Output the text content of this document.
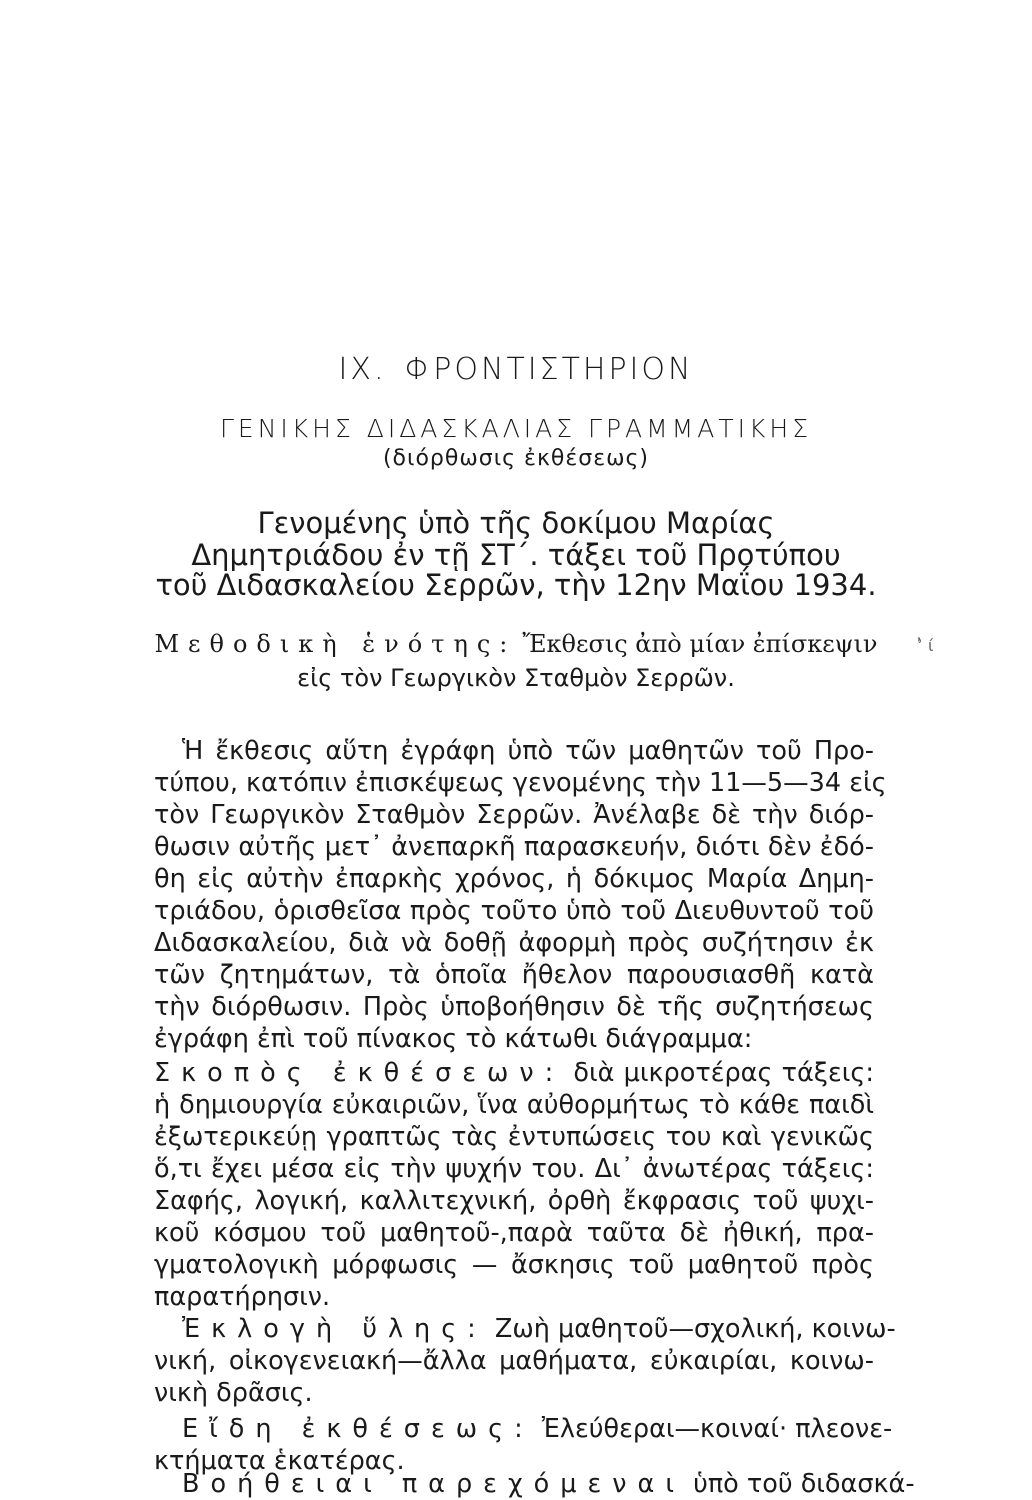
IX. ΦΡΟΝΤΙΣΤΗΡΙΟΝ
ΓΕΝΙΚΗΣ ΔΙΔΑΣΚΑΛΙΑΣ ΓΡΑΜΜΑΤΙΚΗΣ
(διόρθωσις ἐκθέσεως)
Γενομένης ὑπὸ τῆς δοκίμου Μαρίας
Δημητριάδου ἐν τῇ ΣΤ΄. τάξει τοῦ Προτύπου
τοῦ Διδασκαλείου Σερρῶν, τὴν 12ην Μαΐου 1934.
Μεθοδικὴ ἑνότης: Ἔκθεσις ἀπὸ μίαν ἐπίσκεψιν
εἰς τὸν Γεωργικὸν Σταθμὸν Σερρῶν.
ʾ̓ ί
Ἡ ἔκθεσις αὕτη ἐγράφη ὑπὸ τῶν μαθητῶν τοῦ Προ-
τύπου, κατόπιν ἐπισκέψεως γενομένης τὴν 11—5—34 εἰς
τὸν Γεωργικὸν Σταθμὸν Σερρῶν. Ἀνέλαβε δὲ τὴν διόρ-
θωσιν αὐτῆς μετ᾽ ἀνεπαρκῆ παρασκευήν, διότι δὲν ἐδό-
θη εἰς αὐτὴν ἐπαρκὴς χρόνος, ἡ δόκιμος Μαρία Δημη-
τριάδου, ὁρισθεῖσα πρὸς τοῦτο ὑπὸ τοῦ Διευθυντοῦ τοῦ
Διδασκαλείου, διὰ νὰ δοθῇ ἀφορμὴ πρὸς συζήτησιν ἐκ
τῶν ζητημάτων, τὰ ὁποῖα ἤθελον παρουσιασθῆ κατὰ
τὴν διόρθωσιν. Πρὸς ὑποβοήθησιν δὲ τῆς συζητήσεως
ἐγράφη ἐπὶ τοῦ πίνακος τὸ κάτωθι διάγραμμα:
Σκοπὸς ἐκθέσεων: διὰ μικροτέρας τάξεις:
ἡ δημιουργία εὐκαιριῶν, ἵνα αὐθορμήτως τὸ κάθε παιδὶ
ἐξωτερικεύῃ γραπτῶς τὰς ἐντυπώσεις του καὶ γενικῶς
ὅ,τι ἔχει μέσα εἰς τὴν ψυχήν του. Δι᾽ ἀνωτέρας τάξεις:
Σαφής, λογική, καλλιτεχνική, ὀρθὴ ἔκφρασις τοῦ ψυχι-
κοῦ κόσμου τοῦ μαθητοῦ-,παρὰ ταῦτα δὲ ἠθική, πρα-
γματολογικὴ μόρφωσις — ἄσκησις τοῦ μαθητοῦ πρὸς
παρατήρησιν.
Ἐκλογὴ ὕλης: Ζωὴ μαθητοῦ—σχολική, κοινω-
νική, οἰκογενειακή—ἄλλα μαθήματα, εὐκαιρίαι, κοινω-
νικὴ δρᾶσις.
Εἴδη ἐκθέσεως: Ἐλεύθεραι—κοιναί· πλεονε-
κτήματα ἑκατέρας.
Βοήθειαι παρεχόμεναι ὑπὸ τοῦ διδασκά-
